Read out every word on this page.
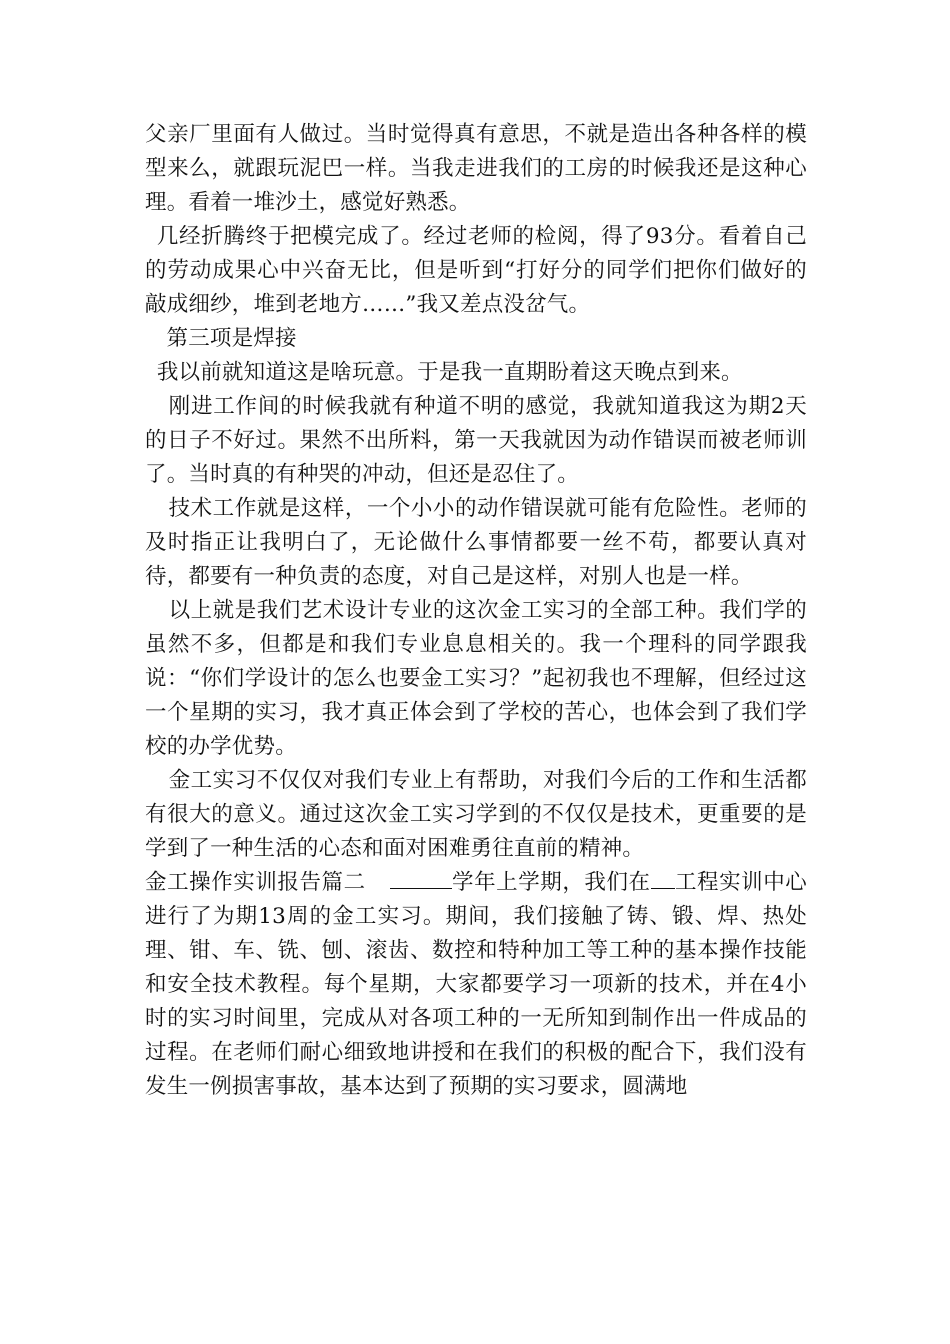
父亲厂里面有人做过。当时觉得真有意思，不就是造出各种各样的模型来么，就跟玩泥巴一样。当我走进我们的工房的时候我还是这种心理。看着一堆沙土，感觉好熟悉。

几经折腾终于把模完成了。经过老师的检阅，得了93分。看着自己的劳动成果心中兴奋无比，但是听到“打好分的同学们把你们做好的敲成细纱，堆到老地方……”我又差点没岔气。

第三项是焊接

我以前就知道这是啥玩意。于是我一直期盼着这天晚点到来。

刚进工作间的时候我就有种道不明的感觉，我就知道我这为期2天的日子不好过。果然不出所料，第一天我就因为动作错误而被老师训了。当时真的有种哭的冲动，但还是忍住了。

技术工作就是这样，一个小小的动作错误就可能有危险性。老师的及时指正让我明白了，无论做什么事情都要一丝不苟，都要认真对待，都要有一种负责的态度，对自己是这样，对别人也是一样。

以上就是我们艺术设计专业的这次金工实习的全部工种。我们学的虽然不多，但都是和我们专业息息相关的。我一个理科的同学跟我说：“你们学设计的怎么也要金工实习？”起初我也不理解，但经过这一个星期的实习，我才真正体会到了学校的苦心，也体会到了我们学校的办学优势。

金工实习不仅仅对我们专业上有帮助，对我们今后的工作和生活都有很大的意义。通过这次金工实习学到的不仅仅是技术，更重要的是学到了一种生活的心态和面对困难勇往直前的精神。

金工操作实训报告篇二	学年上学期，我们在 工程实训中心进行了为期13周的金工实习。期间，我们接触了铸、锻、焊、热处理、钳、车、铣、刨、滚齿、数控和特种加工等工种的基本操作技能和安全技术教程。每个星期，大家都要学习一项新的技术，并在4小时的实习时间里，完成从对各项工种的一无所知到制作出一件成品的过程。在老师们耐心细致地讲授和在我们的积极的配合下，我们没有发生一例损害事故，基本达到了预期的实习要求，圆满地
